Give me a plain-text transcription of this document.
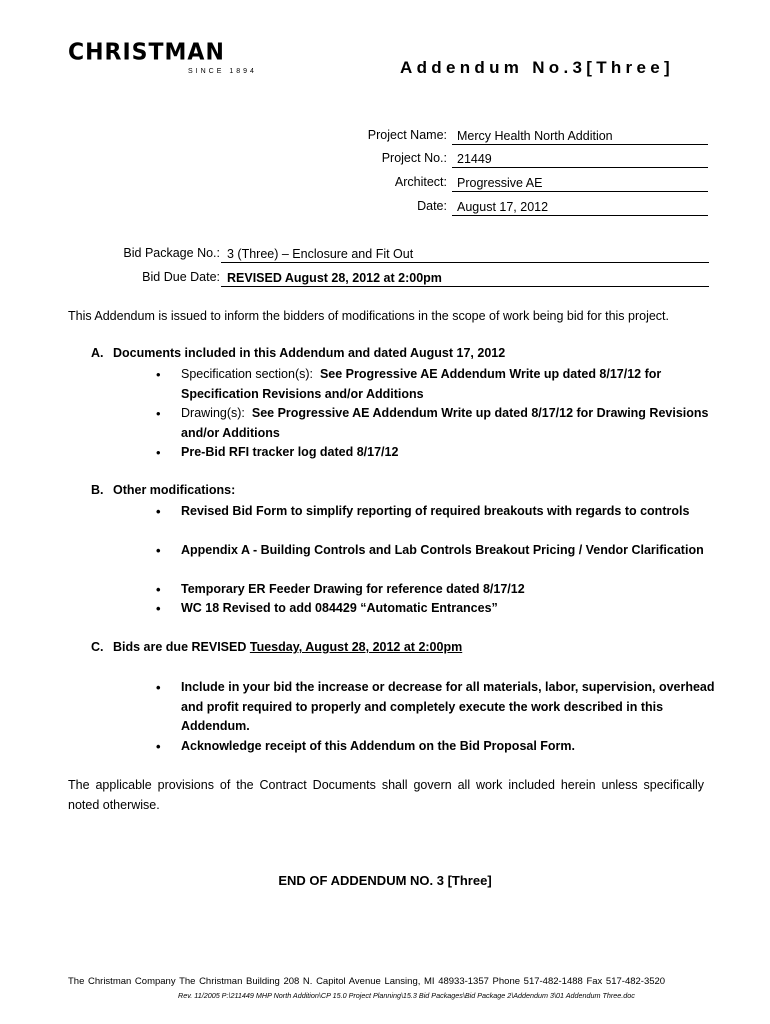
CHRISTMAN
SINCE 1894	Addendum No.3[Three]
Project Name: Mercy Health North Addition
Project No.: 21449
Architect: Progressive AE
Date: August 17, 2012
Bid Package No.: 3 (Three) – Enclosure and Fit Out
Bid Due Date: REVISED August 28, 2012 at 2:00pm
This Addendum is issued to inform the bidders of modifications in the scope of work being bid for this project.
A. Documents included in this Addendum and dated August 17, 2012
• Specification section(s): See Progressive AE Addendum Write up dated 8/17/12 for Specification Revisions and/or Additions
• Drawing(s): See Progressive AE Addendum Write up dated 8/17/12 for Drawing Revisions and/or Additions
• Pre-Bid RFI tracker log dated 8/17/12
B. Other modifications:
• Revised Bid Form to simplify reporting of required breakouts with regards to controls
• Appendix A - Building Controls and Lab Controls Breakout Pricing / Vendor Clarification
• Temporary ER Feeder Drawing for reference dated 8/17/12
• WC 18 Revised to add 084429 “Automatic Entrances”
C. Bids are due REVISED Tuesday, August 28, 2012 at 2:00pm
• Include in your bid the increase or decrease for all materials, labor, supervision, overhead and profit required to properly and completely execute the work described in this Addendum.
• Acknowledge receipt of this Addendum on the Bid Proposal Form.
The applicable provisions of the Contract Documents shall govern all work included herein unless specifically noted otherwise.
END OF ADDENDUM NO. 3 [Three]
The Christman Company The Christman Building 208 N. Capitol Avenue Lansing, MI 48933-1357 Phone 517-482-1488 Fax 517-482-3520
Rev. 11/2005 P:\211449 MHP North Addition\CP 15.0 Project Planning\15.3 Bid Packages\Bid Package 2\Addendum 3\01 Addendum Three.doc
